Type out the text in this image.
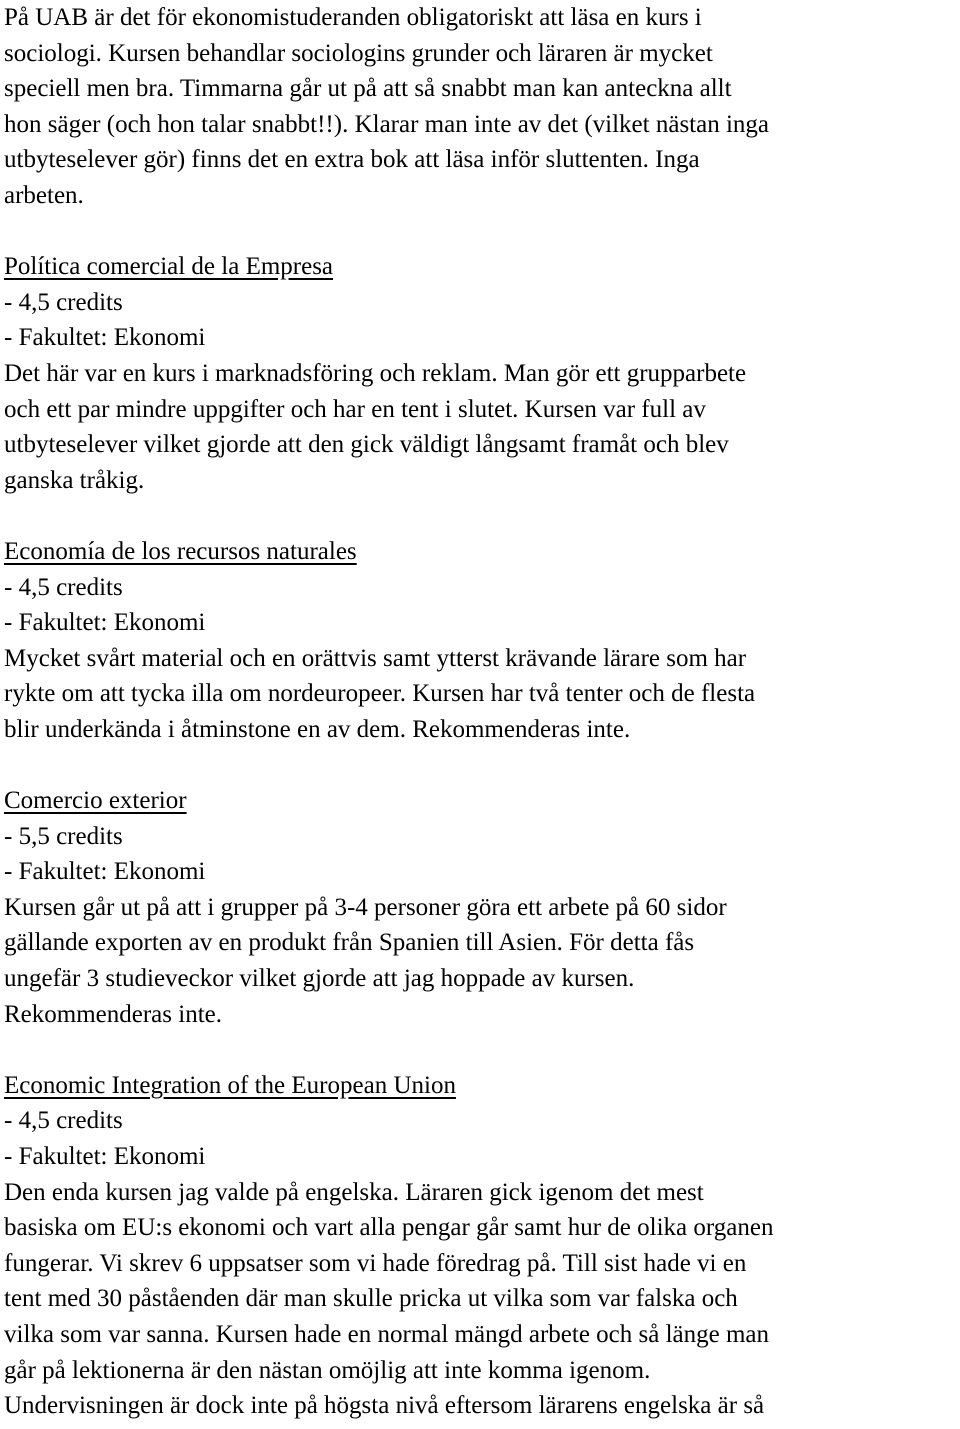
På UAB är det för ekonomistuderanden obligatoriskt att läsa en kurs i
sociologi. Kursen behandlar sociologins grunder och läraren är mycket
speciell men bra. Timmarna går ut på att så snabbt man kan anteckna allt
hon säger (och hon talar snabbt!!). Klarar man inte av det (vilket nästan inga
utbyteselever gör) finns det en extra bok att läsa inför sluttenten. Inga
arbeten.

Política comercial de la Empresa
- 4,5 credits
- Fakultet: Ekonomi
Det här var en kurs i marknadsföring och reklam. Man gör ett grupparbete
och ett par mindre uppgifter och har en tent i slutet. Kursen var full av
utbyteselever vilket gjorde att den gick väldigt långsamt framåt och blev
ganska tråkig.
Economía de los recursos naturales
- 4,5 credits
- Fakultet: Ekonomi
Mycket svårt material och en orättvis samt ytterst krävande lärare som har
rykte om att tycka illa om nordeuropeer. Kursen har två tenter och de flesta
blir underkända i åtminstone en av dem. Rekommenderas inte.
Comercio exterior
- 5,5 credits
- Fakultet: Ekonomi
Kursen går ut på att i grupper på 3-4 personer göra ett arbete på 60 sidor
gällande exporten av en produkt från Spanien till Asien. För detta fås
ungefär 3 studieveckor vilket gjorde att jag hoppade av kursen.
Rekommenderas inte.
Economic Integration of the European Union
- 4,5 credits
- Fakultet: Ekonomi
Den enda kursen jag valde på engelska. Läraren gick igenom det mest
basiska om EU:s ekonomi och vart alla pengar går samt hur de olika organen
fungerar. Vi skrev 6 uppsatser som vi hade föredrag på. Till sist hade vi en
tent med 30 påståenden där man skulle pricka ut vilka som var falska och
vilka som var sanna. Kursen hade en normal mängd arbete och så länge man
går på lektionerna är den nästan omöjlig att inte komma igenom.
Undervisningen är dock inte på högsta nivå eftersom lärarens engelska är så
